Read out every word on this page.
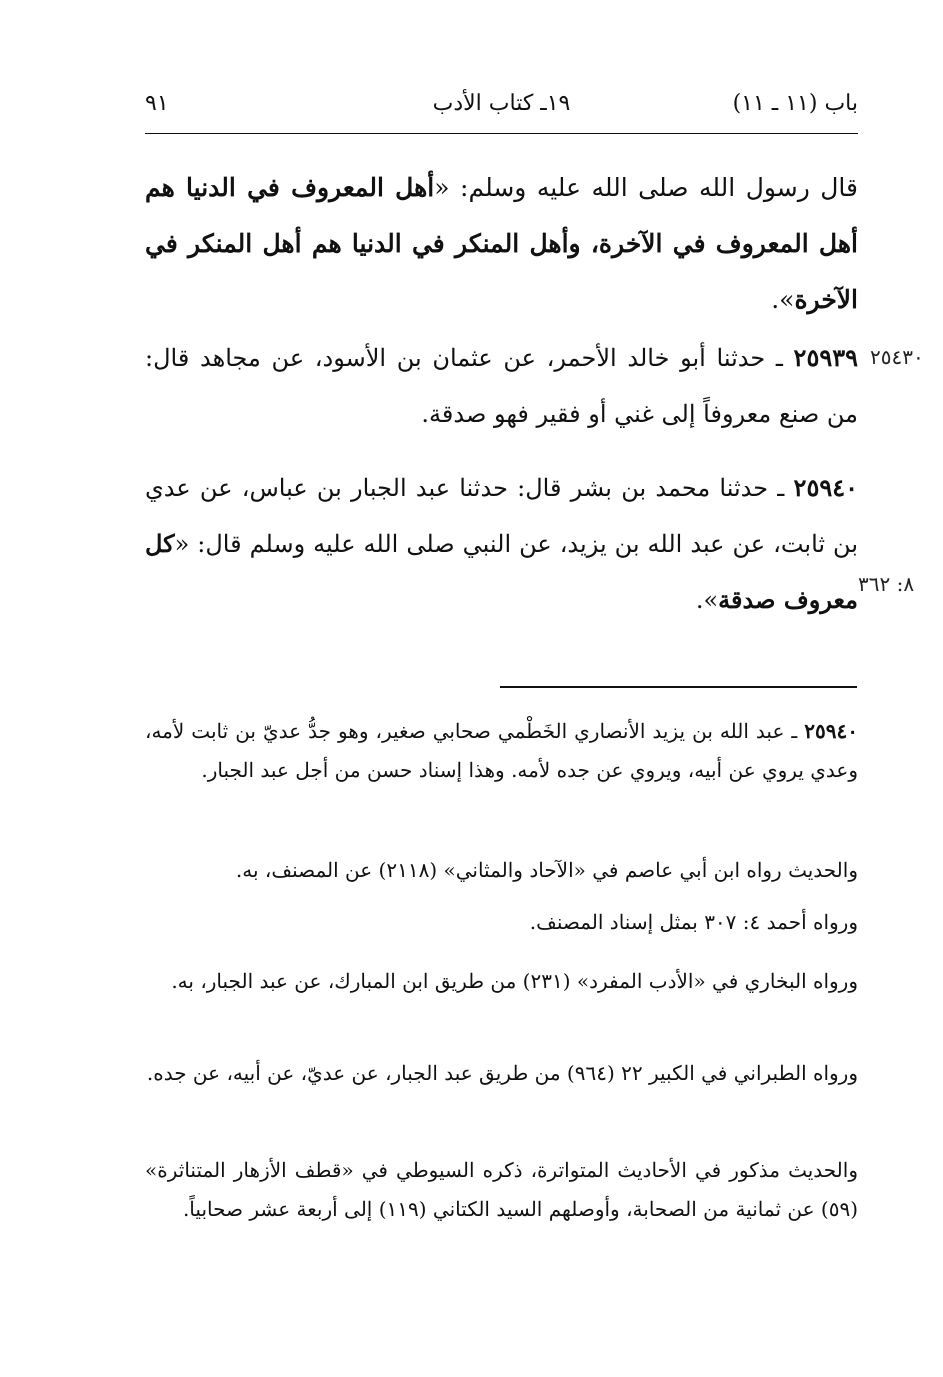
باب (١١ ـ ١١)
١٩ـ كتاب الأدب
٩١
قال رسول الله صلى الله عليه وسلم: «أهل المعروف في الدنيا هم أهل المعروف في الآخرة، وأهل المنكر في الدنيا هم أهل المنكر في الآخرة».
٢٥٤٣٠
٢٥٩٣٩ ـ حدثنا أبو خالد الأحمر، عن عثمان بن الأسود، عن مجاهد قال: من صنع معروفاً إلى غني أو فقير فهو صدقة.
٢٥٩٤٠ ـ حدثنا محمد بن بشر قال: حدثنا عبد الجبار بن عباس، عن عدي بن ثابت، عن عبد الله بن يزيد، عن النبي صلى الله عليه وسلم قال: «كل معروف صدقة».
٨: ٣٦٢
٢٥٩٤٠ ـ عبد الله بن يزيد الأنصاري الخَطْمي صحابي صغير، وهو جدُّ عديّ بن ثابت لأمه، وعدي يروي عن أبيه، ويروي عن جده لأمه. وهذا إسناد حسن من أجل عبد الجبار.
والحديث رواه ابن أبي عاصم في «الآحاد والمثاني» (٢١١٨) عن المصنف، به.
ورواه أحمد ٤: ٣٠٧ بمثل إسناد المصنف.
ورواه البخاري في «الأدب المفرد» (٢٣١) من طريق ابن المبارك، عن عبد الجبار، به.
ورواه الطبراني في الكبير ٢٢ (٩٦٤) من طريق عبد الجبار، عن عديّ، عن أبيه، عن جده.
والحديث مذكور في الأحاديث المتواترة، ذكره السيوطي في «قطف الأزهار المتناثرة» (٥٩) عن ثمانية من الصحابة، وأوصلهم السيد الكتاني (١١٩) إلى أربعة عشر صحابياً.
